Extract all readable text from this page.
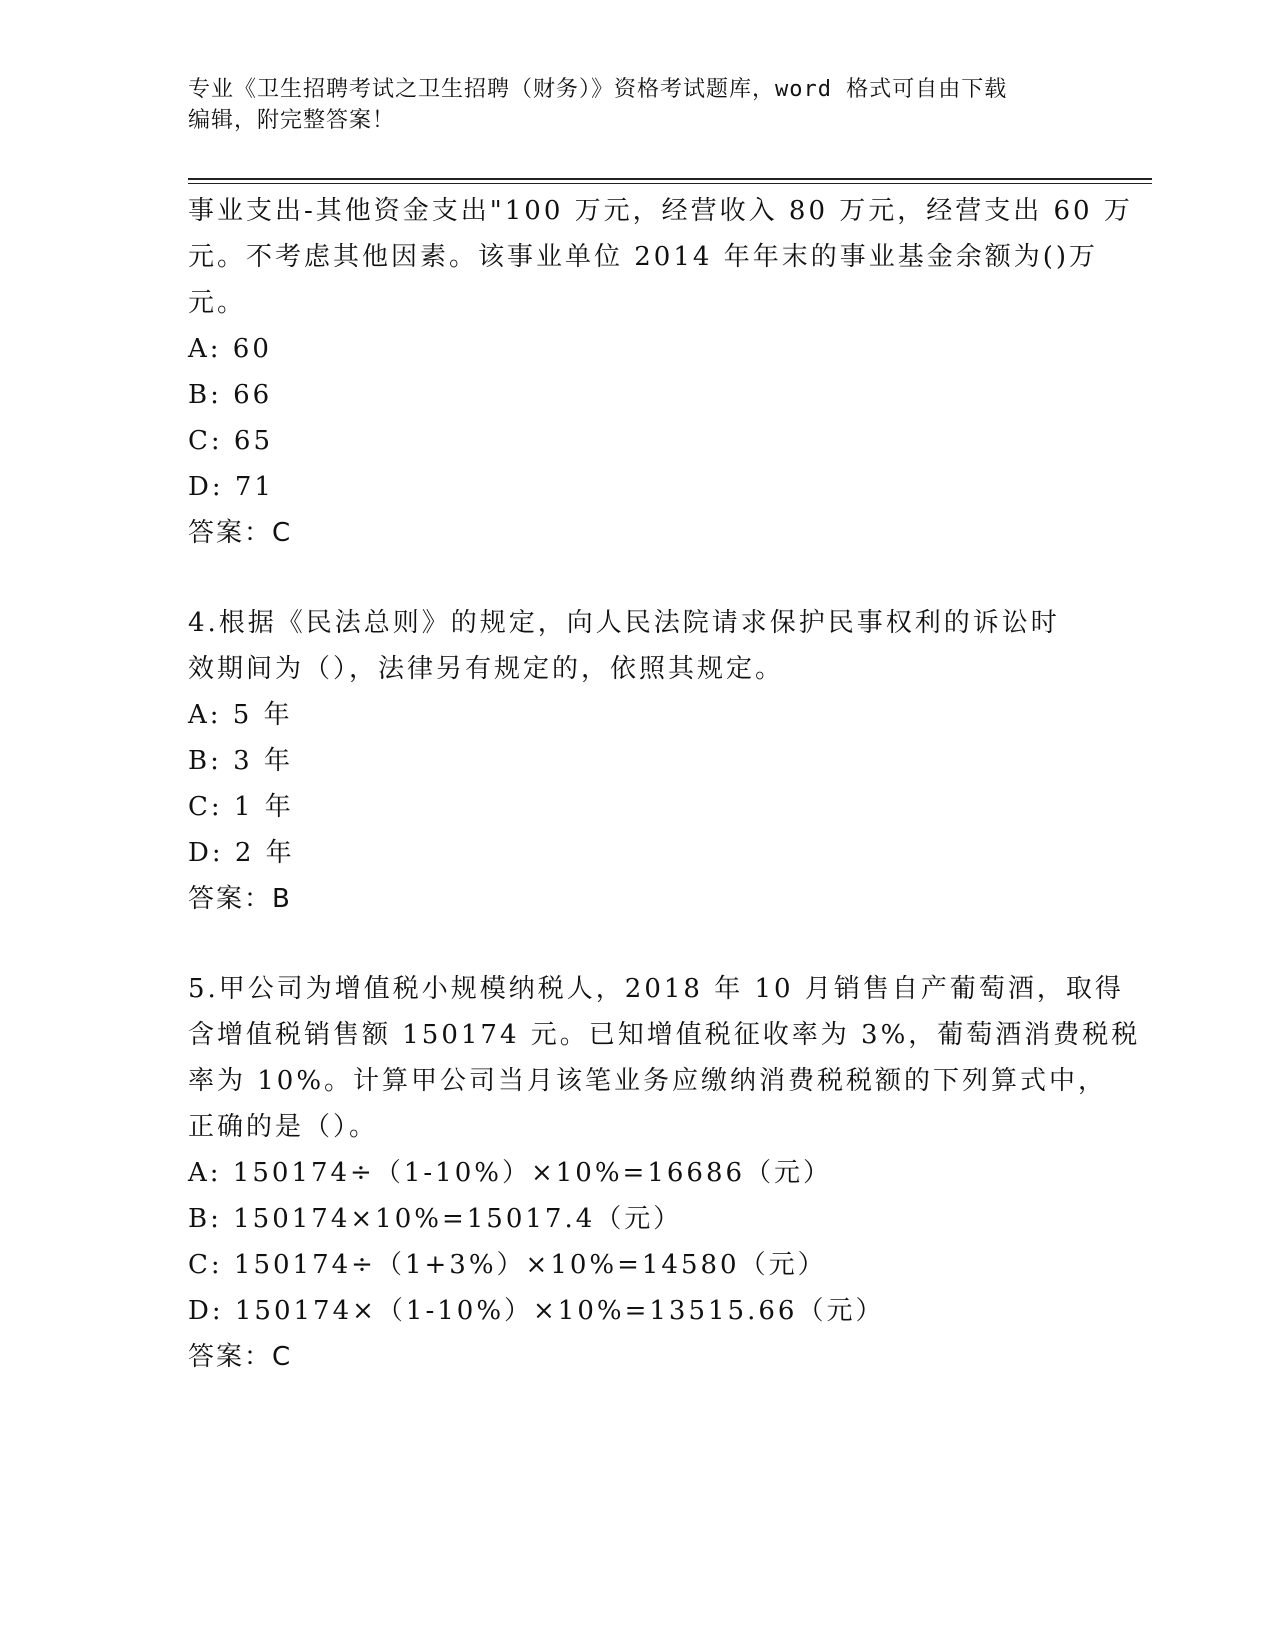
专业《卫生招聘考试之卫生招聘（财务）》资格考试题库，word 格式可自由下载
编辑，附完整答案！
事业支出-其他资金支出"100 万元，经营收入 80 万元，经营支出 60 万
元。不考虑其他因素。该事业单位 2014 年年末的事业基金余额为()万
元。
A: 60
B: 66
C: 65
D: 71
答案：C
4.根据《民法总则》的规定，向人民法院请求保护民事权利的诉讼时
效期间为（），法律另有规定的，依照其规定。
A: 5 年
B: 3 年
C: 1 年
D: 2 年
答案：B
5.甲公司为增值税小规模纳税人，2018 年 10 月销售自产葡萄酒，取得
含增值税销售额 150174 元。已知增值税征收率为 3%，葡萄酒消费税税
率为 10%。计算甲公司当月该笔业务应缴纳消费税税额的下列算式中，
正确的是（）。
A: 150174÷（1-10%）×10%=16686（元）
B: 150174×10%=15017.4（元）
C: 150174÷（1+3%）×10%=14580（元）
D: 150174×（1-10%）×10%=13515.66（元）
答案：C
